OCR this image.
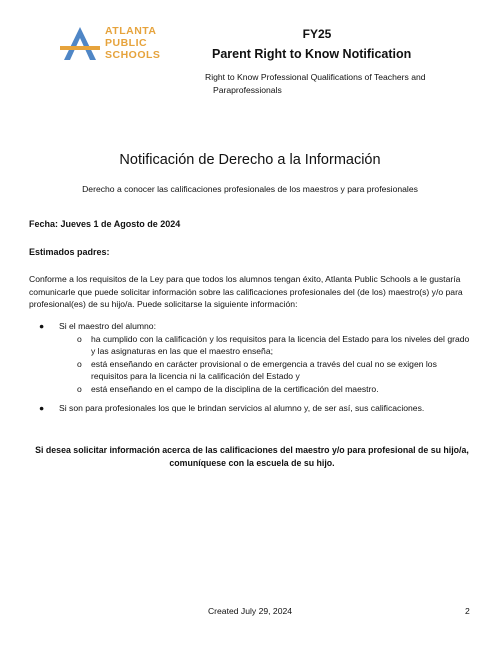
ATLANTA
PUBLIC
SCHOOLS
FY25
Parent Right to Know Notification
Right to Know Professional Qualifications of Teachers and
Paraprofessionals
Notificación de Derecho a la Información
Derecho a conocer las calificaciones profesionales de los maestros y para profesionales
Fecha: Jueves 1 de Agosto de 2024
Estimados padres:
Conforme a los requisitos de la Ley para que todos los alumnos tengan éxito, Atlanta Public Schools a le gustaría comunicarle que puede solicitar información sobre las calificaciones profesionales del (de los) maestro(s) y/o para profesional(es) de su hijo/a. Puede solicitarse la siguiente información:
● Si el maestro del alumno:
o ha cumplido con la calificación y los requisitos para la licencia del Estado para los niveles del grado y las asignaturas en las que el maestro enseña;
o está enseñando en carácter provisional o de emergencia a través del cual no se exigen los requisitos para la licencia ni la calificación del Estado y
o está enseñando en el campo de la disciplina de la certificación del maestro.
● Si son para profesionales los que le brindan servicios al alumno y, de ser así, sus calificaciones.
Si desea solicitar información acerca de las calificaciones del maestro y/o para profesional de su hijo/a, comuníquese con la escuela de su hijo.
Created July 29, 2024	2
